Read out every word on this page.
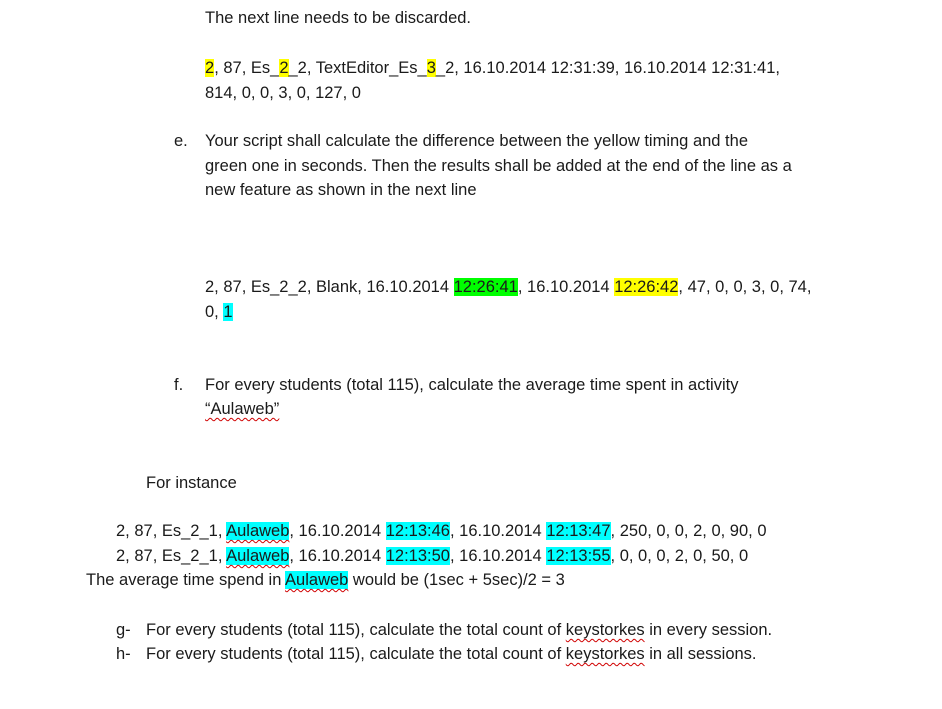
The next line needs to be discarded.
2, 87, Es_2_2, TextEditor_Es_3_2, 16.10.2014 12:31:39, 16.10.2014 12:31:41,
814, 0, 0, 3, 0, 127, 0
e. Your script shall calculate the difference between the yellow timing and the
green one in seconds. Then the results shall be added at the end of the line as a
new feature as shown in the next line
2, 87, Es_2_2, Blank, 16.10.2014 12:26:41, 16.10.2014 12:26:42, 47, 0, 0, 3, 0, 74,
0, 1
f. For every students (total 115), calculate the average time spent in activity
“Aulaweb”
For instance
2, 87, Es_2_1, Aulaweb, 16.10.2014 12:13:46, 16.10.2014 12:13:47, 250, 0, 0, 2, 0, 90, 0
2, 87, Es_2_1, Aulaweb, 16.10.2014 12:13:50, 16.10.2014 12:13:55, 0, 0, 0, 2, 0, 50, 0
The average time spend in Aulaweb would be (1sec + 5sec)/2 = 3
g- For every students (total 115), calculate the total count of keystorkes in every session.
h- For every students (total 115), calculate the total count of keystorkes in all sessions.
